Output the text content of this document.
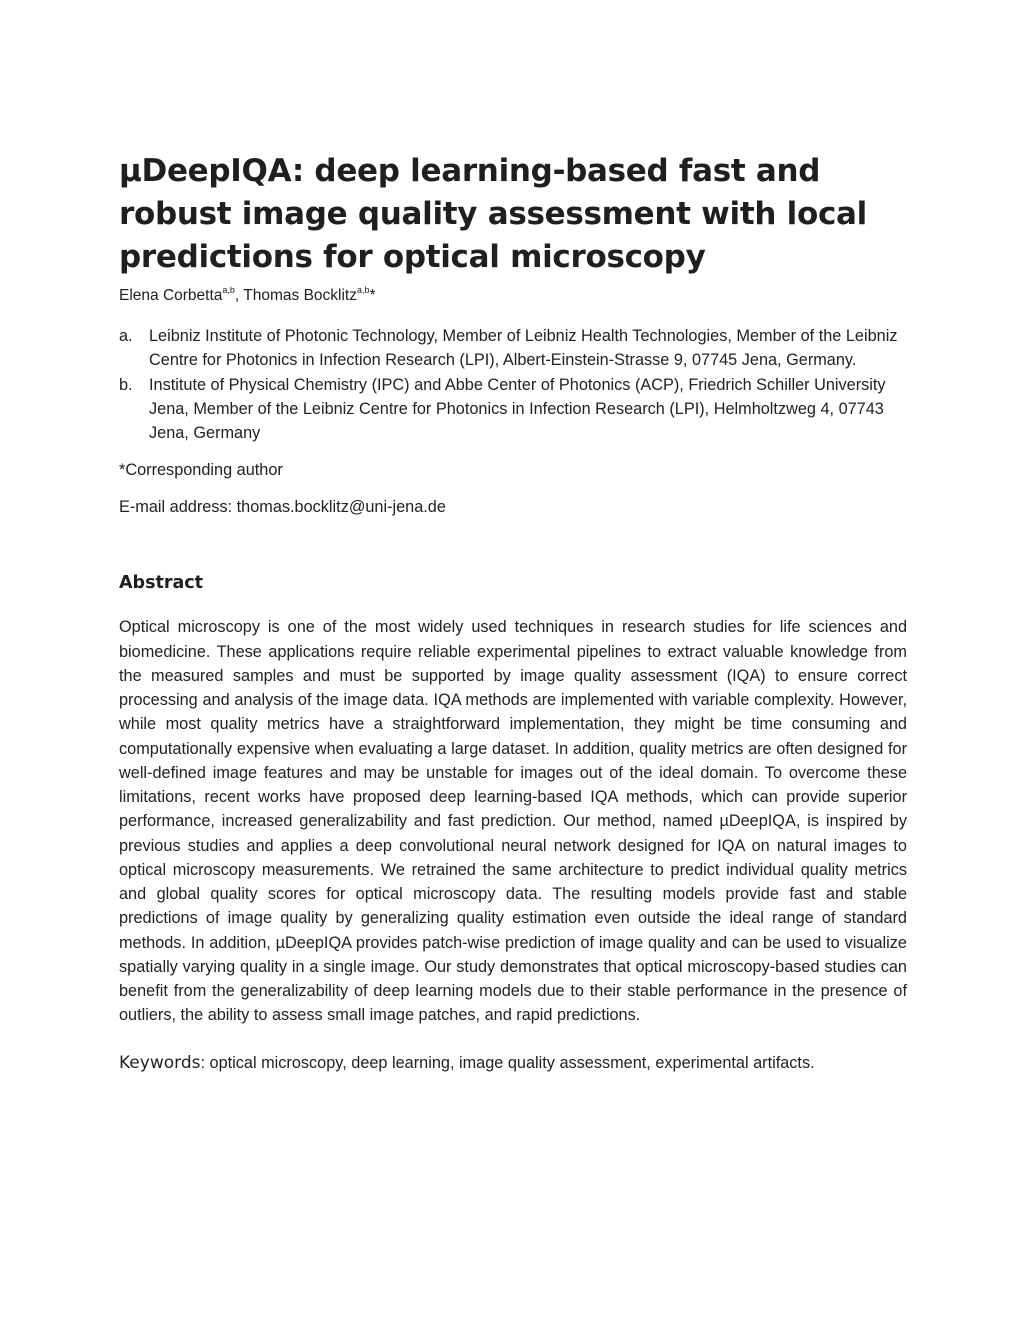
µDeepIQA: deep learning-based fast and robust image quality assessment with local predictions for optical microscopy
Elena Corbetta$^{a,b}$, Thomas Bocklitz$^{a,b}$*
a. Leibniz Institute of Photonic Technology, Member of Leibniz Health Technologies, Member of the Leibniz Centre for Photonics in Infection Research (LPI), Albert-Einstein-Strasse 9, 07745 Jena, Germany.
b. Institute of Physical Chemistry (IPC) and Abbe Center of Photonics (ACP), Friedrich Schiller University Jena, Member of the Leibniz Centre for Photonics in Infection Research (LPI), Helmholtzweg 4, 07743 Jena, Germany
*Corresponding author
E-mail address: thomas.bocklitz@uni-jena.de
Abstract
Optical microscopy is one of the most widely used techniques in research studies for life sciences and biomedicine. These applications require reliable experimental pipelines to extract valuable knowledge from the measured samples and must be supported by image quality assessment (IQA) to ensure correct processing and analysis of the image data. IQA methods are implemented with variable complexity. However, while most quality metrics have a straightforward implementation, they might be time consuming and computationally expensive when evaluating a large dataset. In addition, quality metrics are often designed for well-defined image features and may be unstable for images out of the ideal domain. To overcome these limitations, recent works have proposed deep learning-based IQA methods, which can provide superior performance, increased generalizability and fast prediction. Our method, named µDeepIQA, is inspired by previous studies and applies a deep convolutional neural network designed for IQA on natural images to optical microscopy measurements. We retrained the same architecture to predict individual quality metrics and global quality scores for optical microscopy data. The resulting models provide fast and stable predictions of image quality by generalizing quality estimation even outside the ideal range of standard methods. In addition, µDeepIQA provides patch-wise prediction of image quality and can be used to visualize spatially varying quality in a single image. Our study demonstrates that optical microscopy-based studies can benefit from the generalizability of deep learning models due to their stable performance in the presence of outliers, the ability to assess small image patches, and rapid predictions.
Keywords: optical microscopy, deep learning, image quality assessment, experimental artifacts.
